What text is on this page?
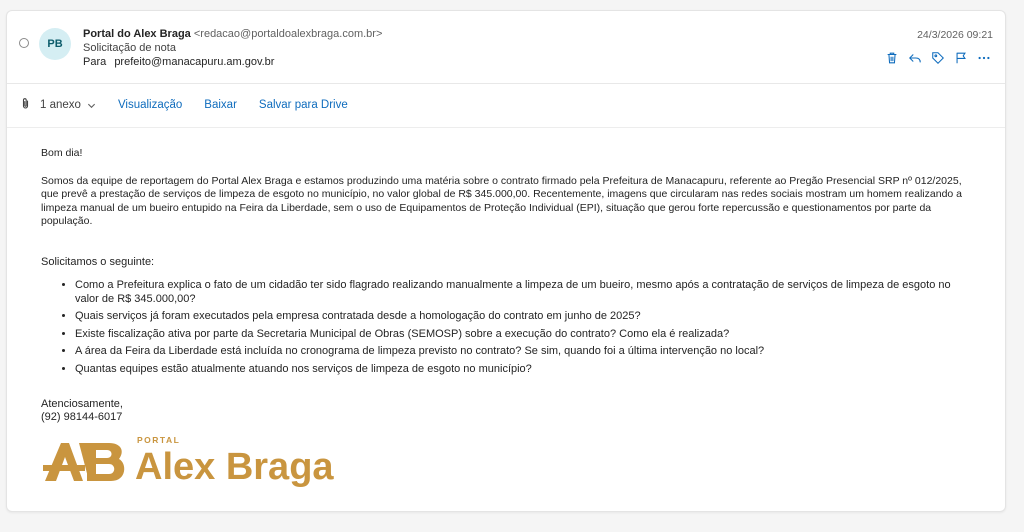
PB
Portal do Alex Braga <redacao@portaldoalexbraga.com.br>
Solicitação de nota
Para prefeito@manacapuru.am.gov.br
24/3/2026 09:21
1 anexo	Visualização Baixar Salvar para Drive

Bom dia!

Somos da equipe de reportagem do Portal Alex Braga e estamos produzindo uma matéria sobre o contrato firmado pela Prefeitura de Manacapuru, referente ao Pregão Presencial SRP nº 012/2025, que prevê a prestação de serviços de limpeza de esgoto no município, no valor global de R$ 345.000,00. Recentemente, imagens que circularam nas redes sociais mostram um homem realizando a limpeza manual de um bueiro entupido na Feira da Liberdade, sem o uso de Equipamentos de Proteção Individual (EPI), situação que gerou forte repercussão e questionamentos por parte da população.

Solicitamos o seguinte:

• Como a Prefeitura explica o fato de um cidadão ter sido flagrado realizando manualmente a limpeza de um bueiro, mesmo após a contratação de serviços de limpeza de esgoto no valor de R$ 345.000,00?
• Quais serviços já foram executados pela empresa contratada desde a homologação do contrato em junho de 2025?
• Existe fiscalização ativa por parte da Secretaria Municipal de Obras (SEMOSP) sobre a execução do contrato? Como ela é realizada?
• A área da Feira da Liberdade está incluída no cronograma de limpeza previsto no contrato? Se sim, quando foi a última intervenção no local?
• Quantas equipes estão atualmente atuando nos serviços de limpeza de esgoto no município?
Atenciosamente,
(92) 98144-6017
PORTAL
Alex Braga
